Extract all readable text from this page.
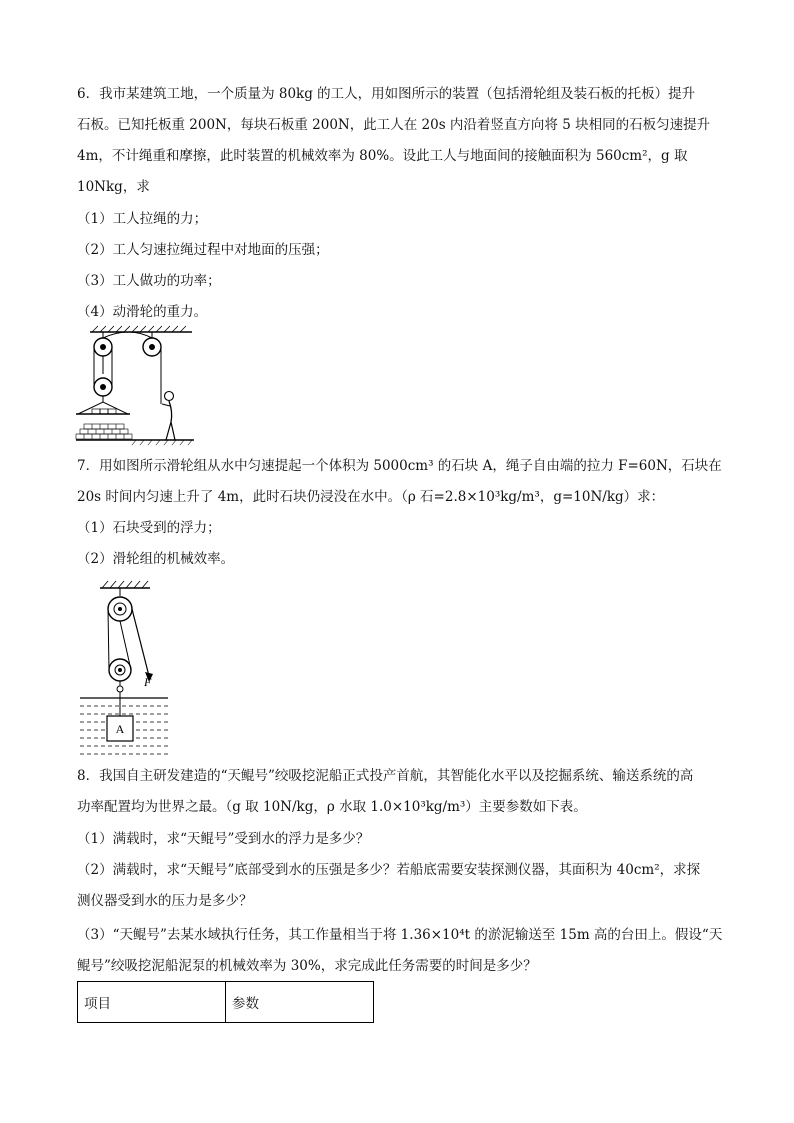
6．我市某建筑工地，一个质量为 80kg 的工人，用如图所示的装置（包括滑轮组及装石板的托板）提升
石板。已知托板重 200N，每块石板重 200N，此工人在 20s 内沿着竖直方向将 5 块相同的石板匀速提升
4m，不计绳重和摩擦，此时装置的机械效率为 80%。设此工人与地面间的接触面积为 560cm²，g 取
10Nkg，求
（1）工人拉绳的力；
（2）工人匀速拉绳过程中对地面的压强；
（3）工人做功的功率；
（4）动滑轮的重力。
7．用如图所示滑轮组从水中匀速提起一个体积为 5000cm³ 的石块 A，绳子自由端的拉力 F=60N，石块在
20s 时间内匀速上升了 4m，此时石块仍浸没在水中。（ρ 石=2.8×10³kg/m³，g=10N/kg）求：
（1）石块受到的浮力；
（2）滑轮组的机械效率。
A
F
8．我国自主研发建造的“天鲲号”绞吸挖泥船正式投产首航，其智能化水平以及挖掘系统、输送系统的高
功率配置均为世界之最。（g 取 10N/kg，ρ 水取 1.0×10³kg/m³）主要参数如下表。
（1）满载时，求“天鲲号”受到水的浮力是多少？
（2）满载时，求“天鲲号”底部受到水的压强是多少？若船底需要安装探测仪器，其面积为 40cm²，求探
测仪器受到水的压力是多少？
（3）“天鲲号”去某水域执行任务，其工作量相当于将 1.36×10⁴t 的淤泥输送至 15m 高的台田上。假设“天
鲲号”绞吸挖泥船泥泵的机械效率为 30%，求完成此任务需要的时间是多少？
项目	参数
